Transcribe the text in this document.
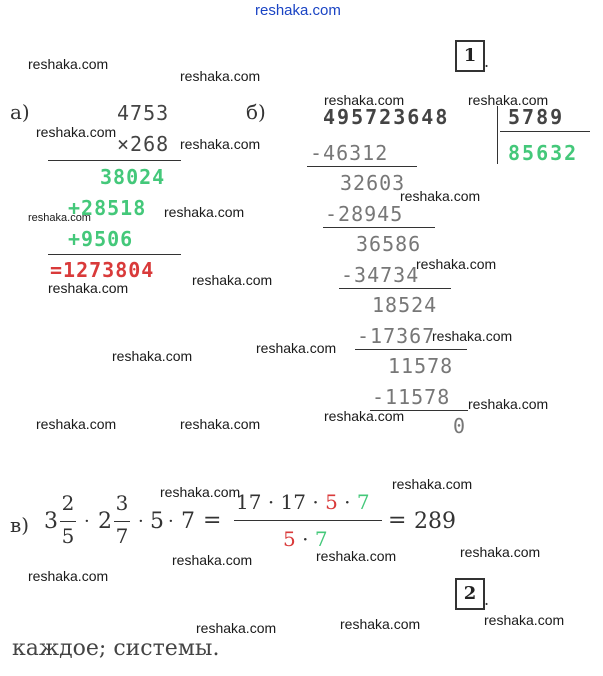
reshaka.com
1 .
2 .
а)	4753
×268
38024
+28518
+9506
=1273804
б)	495723648	5789
85632
-46312
32603
-28945
36586
-34734
18524
-17367
11578
-11578
0
в) 3
2
5
· 2
3
7
· 5 · 7 =
17 · 17 · 5 · 7
5 · 7
= 289
каждое; системы.
reshaka.com
reshaka.com
reshaka.com
reshaka.com
reshaka.com	reshaka.com
reshaka.com
reshaka.com
reshaka.com	reshaka.com
reshaka.com
reshaka.com
reshaka.com
reshaka.com	reshaka.com
reshaka.com
reshaka.com
reshaka.com	reshaka.com
reshaka.com	reshaka.com
reshaka.com	reshaka.com	reshaka.com
reshaka.com
reshaka.com	reshaka.com	reshaka.com
